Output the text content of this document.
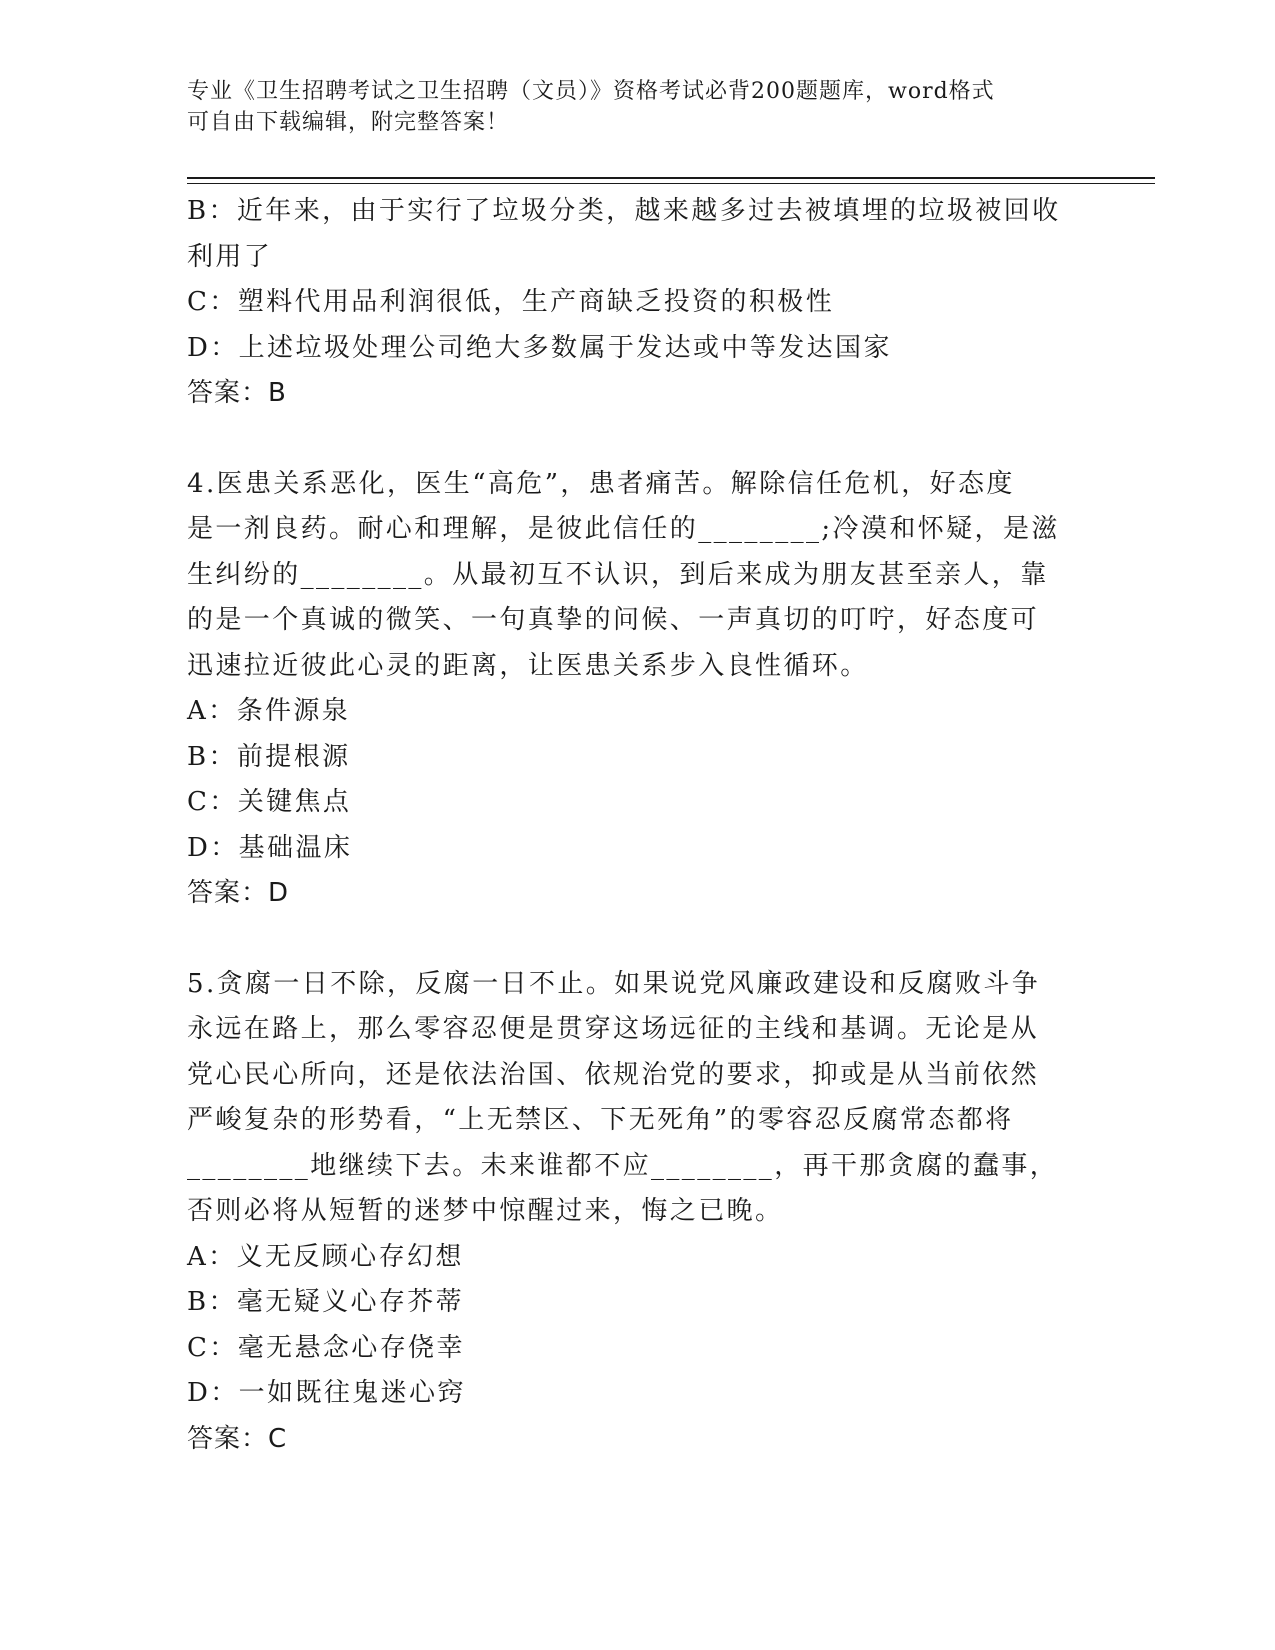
专业《卫生招聘考试之卫生招聘（文员）》资格考试必背200题题库，word格式
可自由下载编辑，附完整答案！
B：近年来，由于实行了垃圾分类，越来越多过去被填埋的垃圾被回收
利用了
C：塑料代用品利润很低，生产商缺乏投资的积极性
D：上述垃圾处理公司绝大多数属于发达或中等发达国家
答案：B
4.医患关系恶化，医生“高危”，患者痛苦。解除信任危机，好态度
是一剂良药。耐心和理解，是彼此信任的________;冷漠和怀疑，是滋
生纠纷的________。从最初互不认识，到后来成为朋友甚至亲人，靠
的是一个真诚的微笑、一句真挚的问候、一声真切的叮咛，好态度可
迅速拉近彼此心灵的距离，让医患关系步入良性循环。
A：条件源泉
B：前提根源
C：关键焦点
D：基础温床
答案：D
5.贪腐一日不除，反腐一日不止。如果说党风廉政建设和反腐败斗争
永远在路上，那么零容忍便是贯穿这场远征的主线和基调。无论是从
党心民心所向，还是依法治国、依规治党的要求，抑或是从当前依然
严峻复杂的形势看，“上无禁区、下无死角”的零容忍反腐常态都将
________地继续下去。未来谁都不应________，再干那贪腐的蠢事，
否则必将从短暂的迷梦中惊醒过来，悔之已晚。
A：义无反顾心存幻想
B：毫无疑义心存芥蒂
C：毫无悬念心存侥幸
D：一如既往鬼迷心窍
答案：C
